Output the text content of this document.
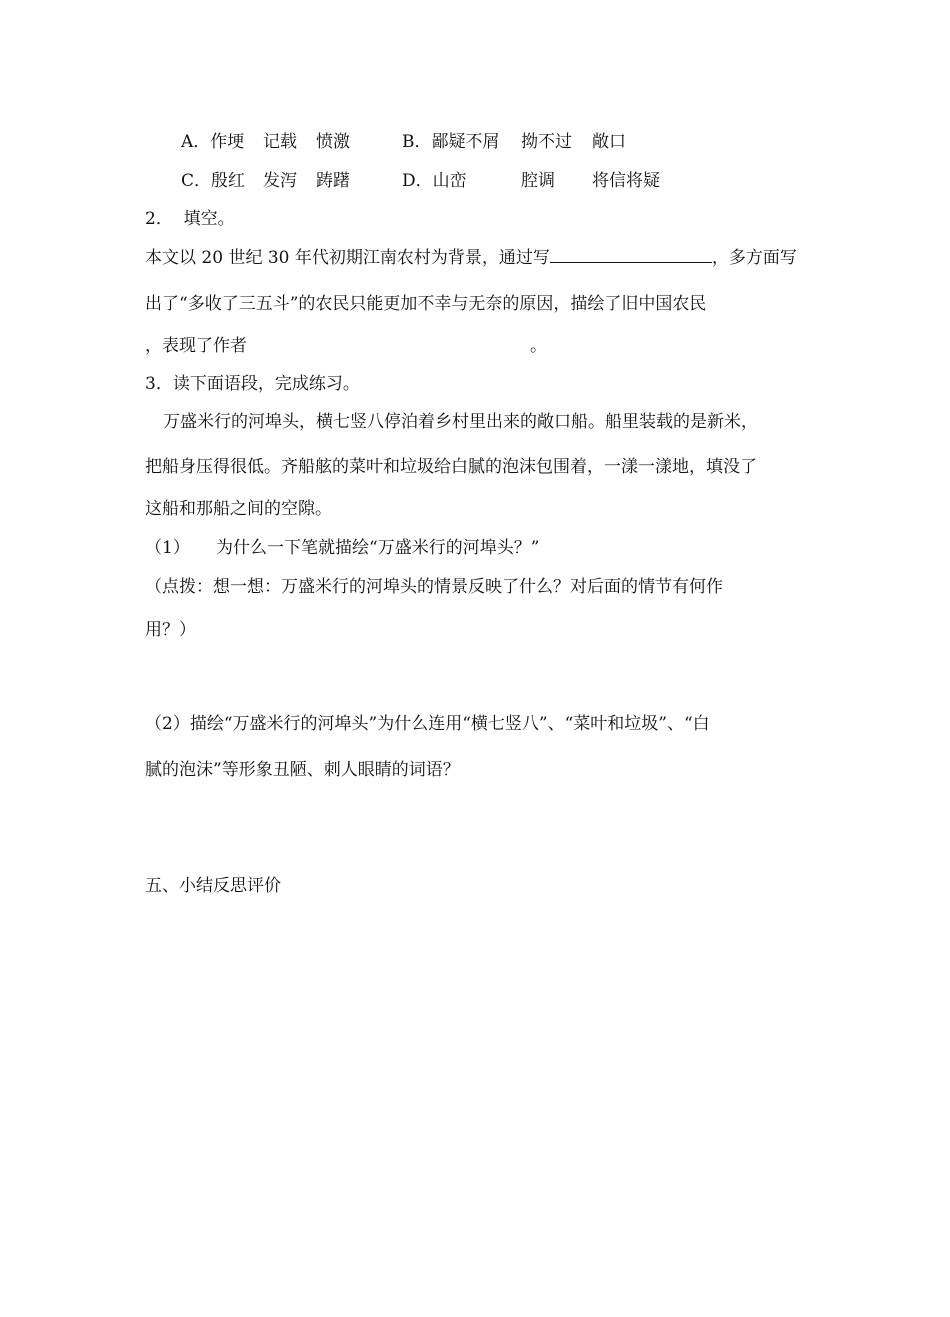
A．作埂 记载 愤激	B．鄙疑不屑 拗不过 敞口
C．殷红 发泻 踌躇	D．山峦	腔调 将信将疑
2．  填空。
本文以 20 世纪 30 年代初期江南农村为背景，通过写	，多方面写
出了“多收了三五斗”的农民只能更加不幸与无奈的原因，描绘了旧中国农民
，表现了作者	。
3．读下面语段，完成练习。
万盛米行的河埠头，横七竖八停泊着乡村里出来的敞口船。船里装载的是新米，
把船身压得很低。齐船舷的菜叶和垃圾给白腻的泡沫包围着，一漾一漾地，填没了
这船和那船之间的空隙。
（1） 为什么一下笔就描绘“万盛米行的河埠头？”
（点拨：想一想：万盛米行的河埠头的情景反映了什么？对后面的情节有何作
用？）
（2）描绘“万盛米行的河埠头”为什么连用“横七竖八”、“菜叶和垃圾”、“白
腻的泡沫”等形象丑陋、刺人眼睛的词语？
五、小结反思评价
